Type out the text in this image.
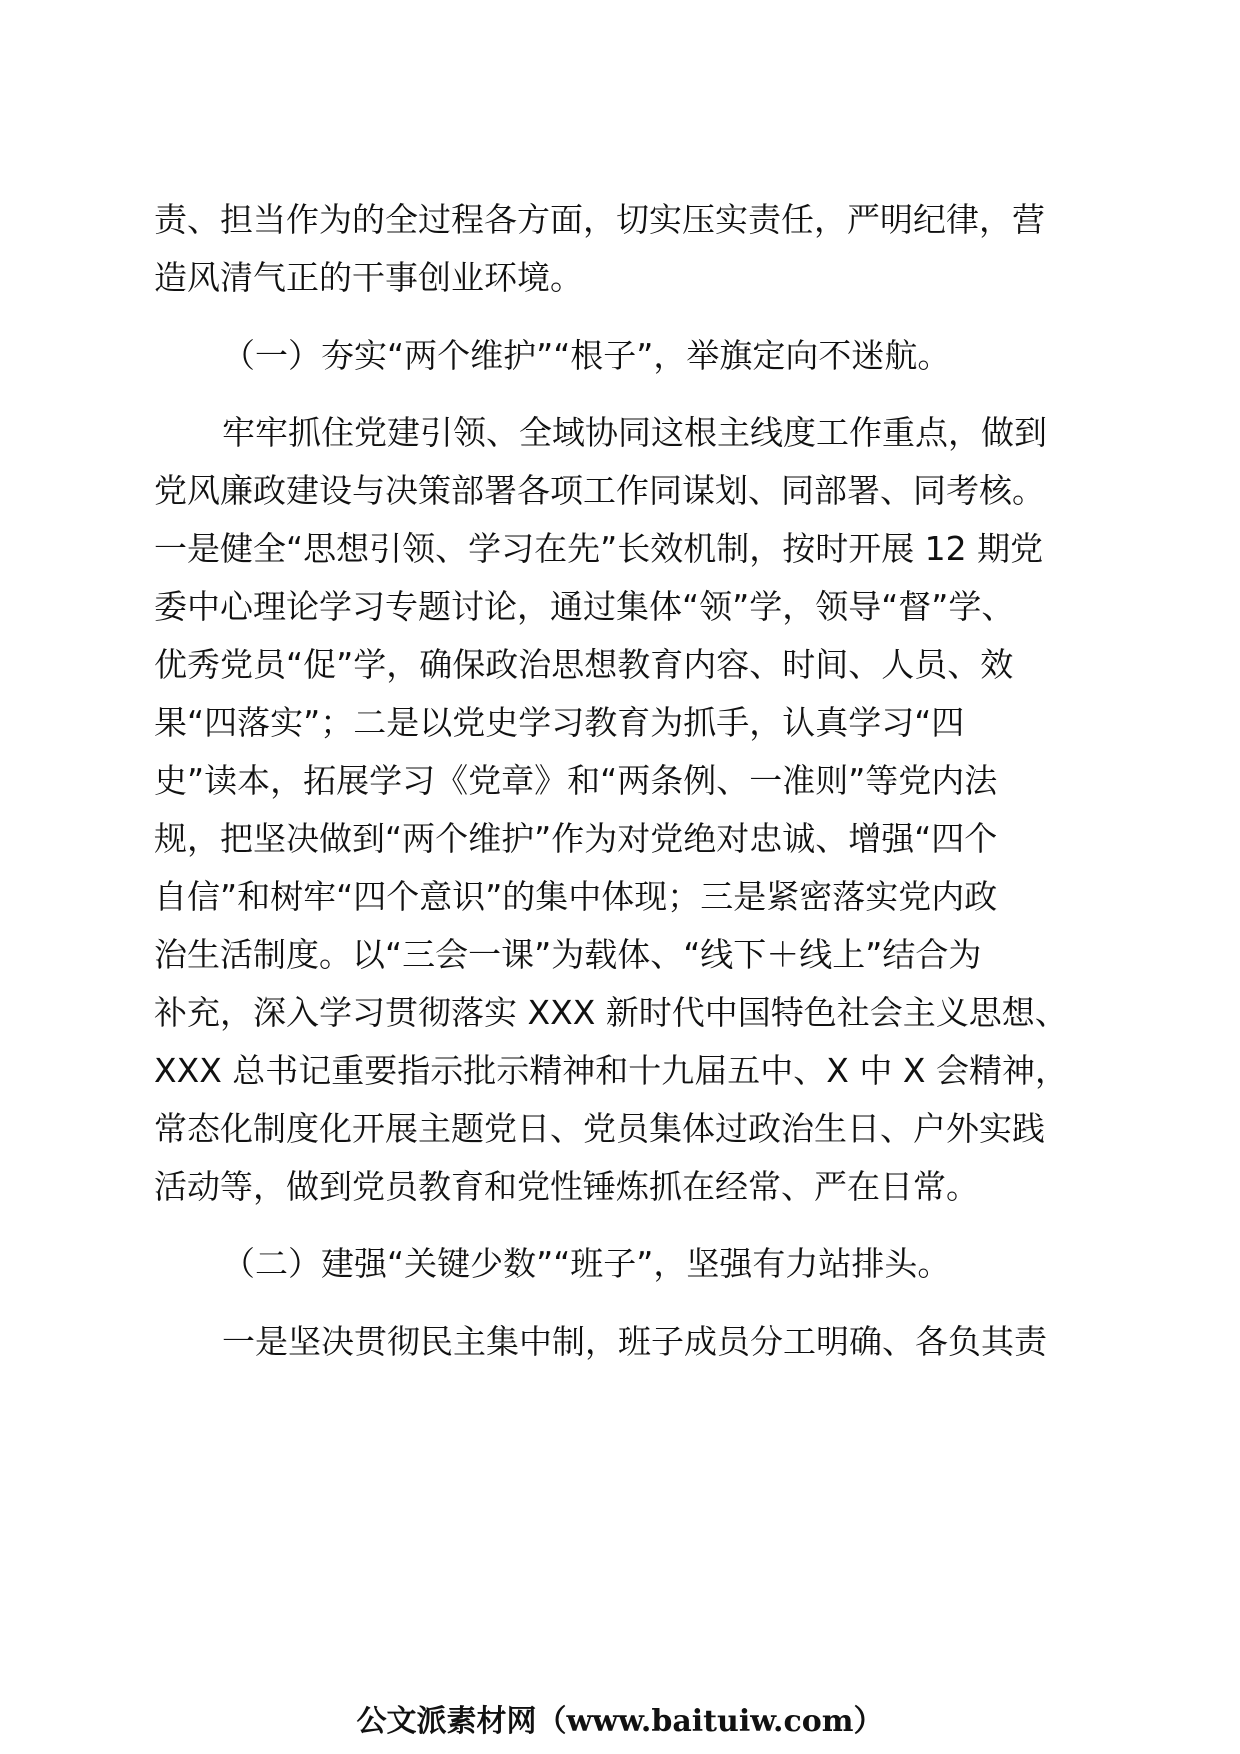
责、担当作为的全过程各方面，切实压实责任，严明纪律，营

造风清气正的干事创业环境。

（一）夯实“两个维护”“根子”，举旗定向不迷航。

牢牢抓住党建引领、全域协同这根主线度工作重点，做到

党风廉政建设与决策部署各项工作同谋划、同部署、同考核。

一是健全“思想引领、学习在先”长效机制，按时开展 12 期党

委中心理论学习专题讨论，通过集体“领”学，领导“督”学、

优秀党员“促”学，确保政治思想教育内容、时间、人员、效

果“四落实”；二是以党史学习教育为抓手，认真学习“四

史”读本，拓展学习《党章》和“两条例、一准则”等党内法

规，把坚决做到“两个维护”作为对党绝对忠诚、增强“四个

自信”和树牢“四个意识”的集中体现；三是紧密落实党内政

治生活制度。以“三会一课”为载体、“线下＋线上”结合为

补充，深入学习贯彻落实 XXX 新时代中国特色社会主义思想、

XXX 总书记重要指示批示精神和十九届五中、X 中 X 会精神，

常态化制度化开展主题党日、党员集体过政治生日、户外实践

活动等，做到党员教育和党性锤炼抓在经常、严在日常。

（二）建强“关键少数”“班子”，坚强有力站排头。

一是坚决贯彻民主集中制，班子成员分工明确、各负其责

公文派素材网（www.baituiw.com）
